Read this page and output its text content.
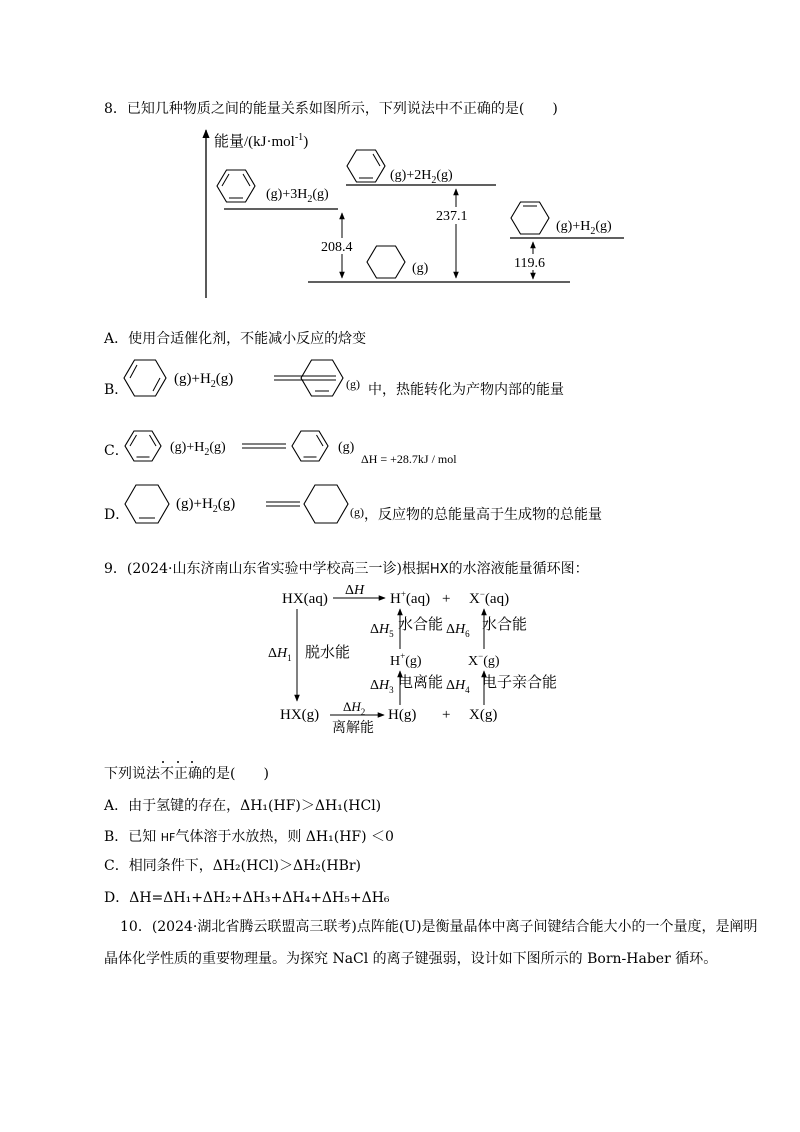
8．已知几种物质之间的能量关系如图所示，下列说法中不正确的是(　　)
能量/(kJ·mol$^{-1}$)
$(g)+3H_2(g)$
$(g)+2H_2(g)$
$(g)+H_2(g)$
(g)
208.4
237.1
119.6
A．使用合适催化剂，不能减小反应的焓变
B．
$(g)+H_2(g)$	(g) 中，热能转化为产物内部的能量
C．	$(g)+H_2(g)$	(g)
ΔH = +28.7kJ / mol
D．
$(g)+H_2(g)$	(g) ，反应物的总能量高于生成物的总能量
9．(2024·山东济南山东省实验中学校高三一诊)根据HX的水溶液能量循环图：
HX(aq)
ΔH
H+(aq) + X−(aq)
$\Delta H_1$ 脱水能
$\Delta H_5$
水合能
H+(g)
$\Delta H_6$
水合能
X−(g)
$\Delta H_3$ 电离能 $\Delta H_4$ 电子亲合能
HX(g)
$\Delta H_2$
离解能
H(g) + X(g)
下列说法不正确的是(　　)
A．由于氢键的存在，ΔH₁(HF)＞ΔH₁(HCl)
B．已知 HF气体溶于水放热，则 ΔH₁(HF) ＜0
C．相同条件下，ΔH₂(HCl)＞ΔH₂(HBr)
D．ΔH=ΔH₁+ΔH₂+ΔH₃+ΔH₄+ΔH₅+ΔH₆
10．(2024·湖北省腾云联盟高三联考)点阵能(U)是衡量晶体中离子间键结合能大小的一个量度，是阐明
晶体化学性质的重要物理量。为探究 NaCl 的离子键强弱，设计如下图所示的 Born-Haber 循环。
